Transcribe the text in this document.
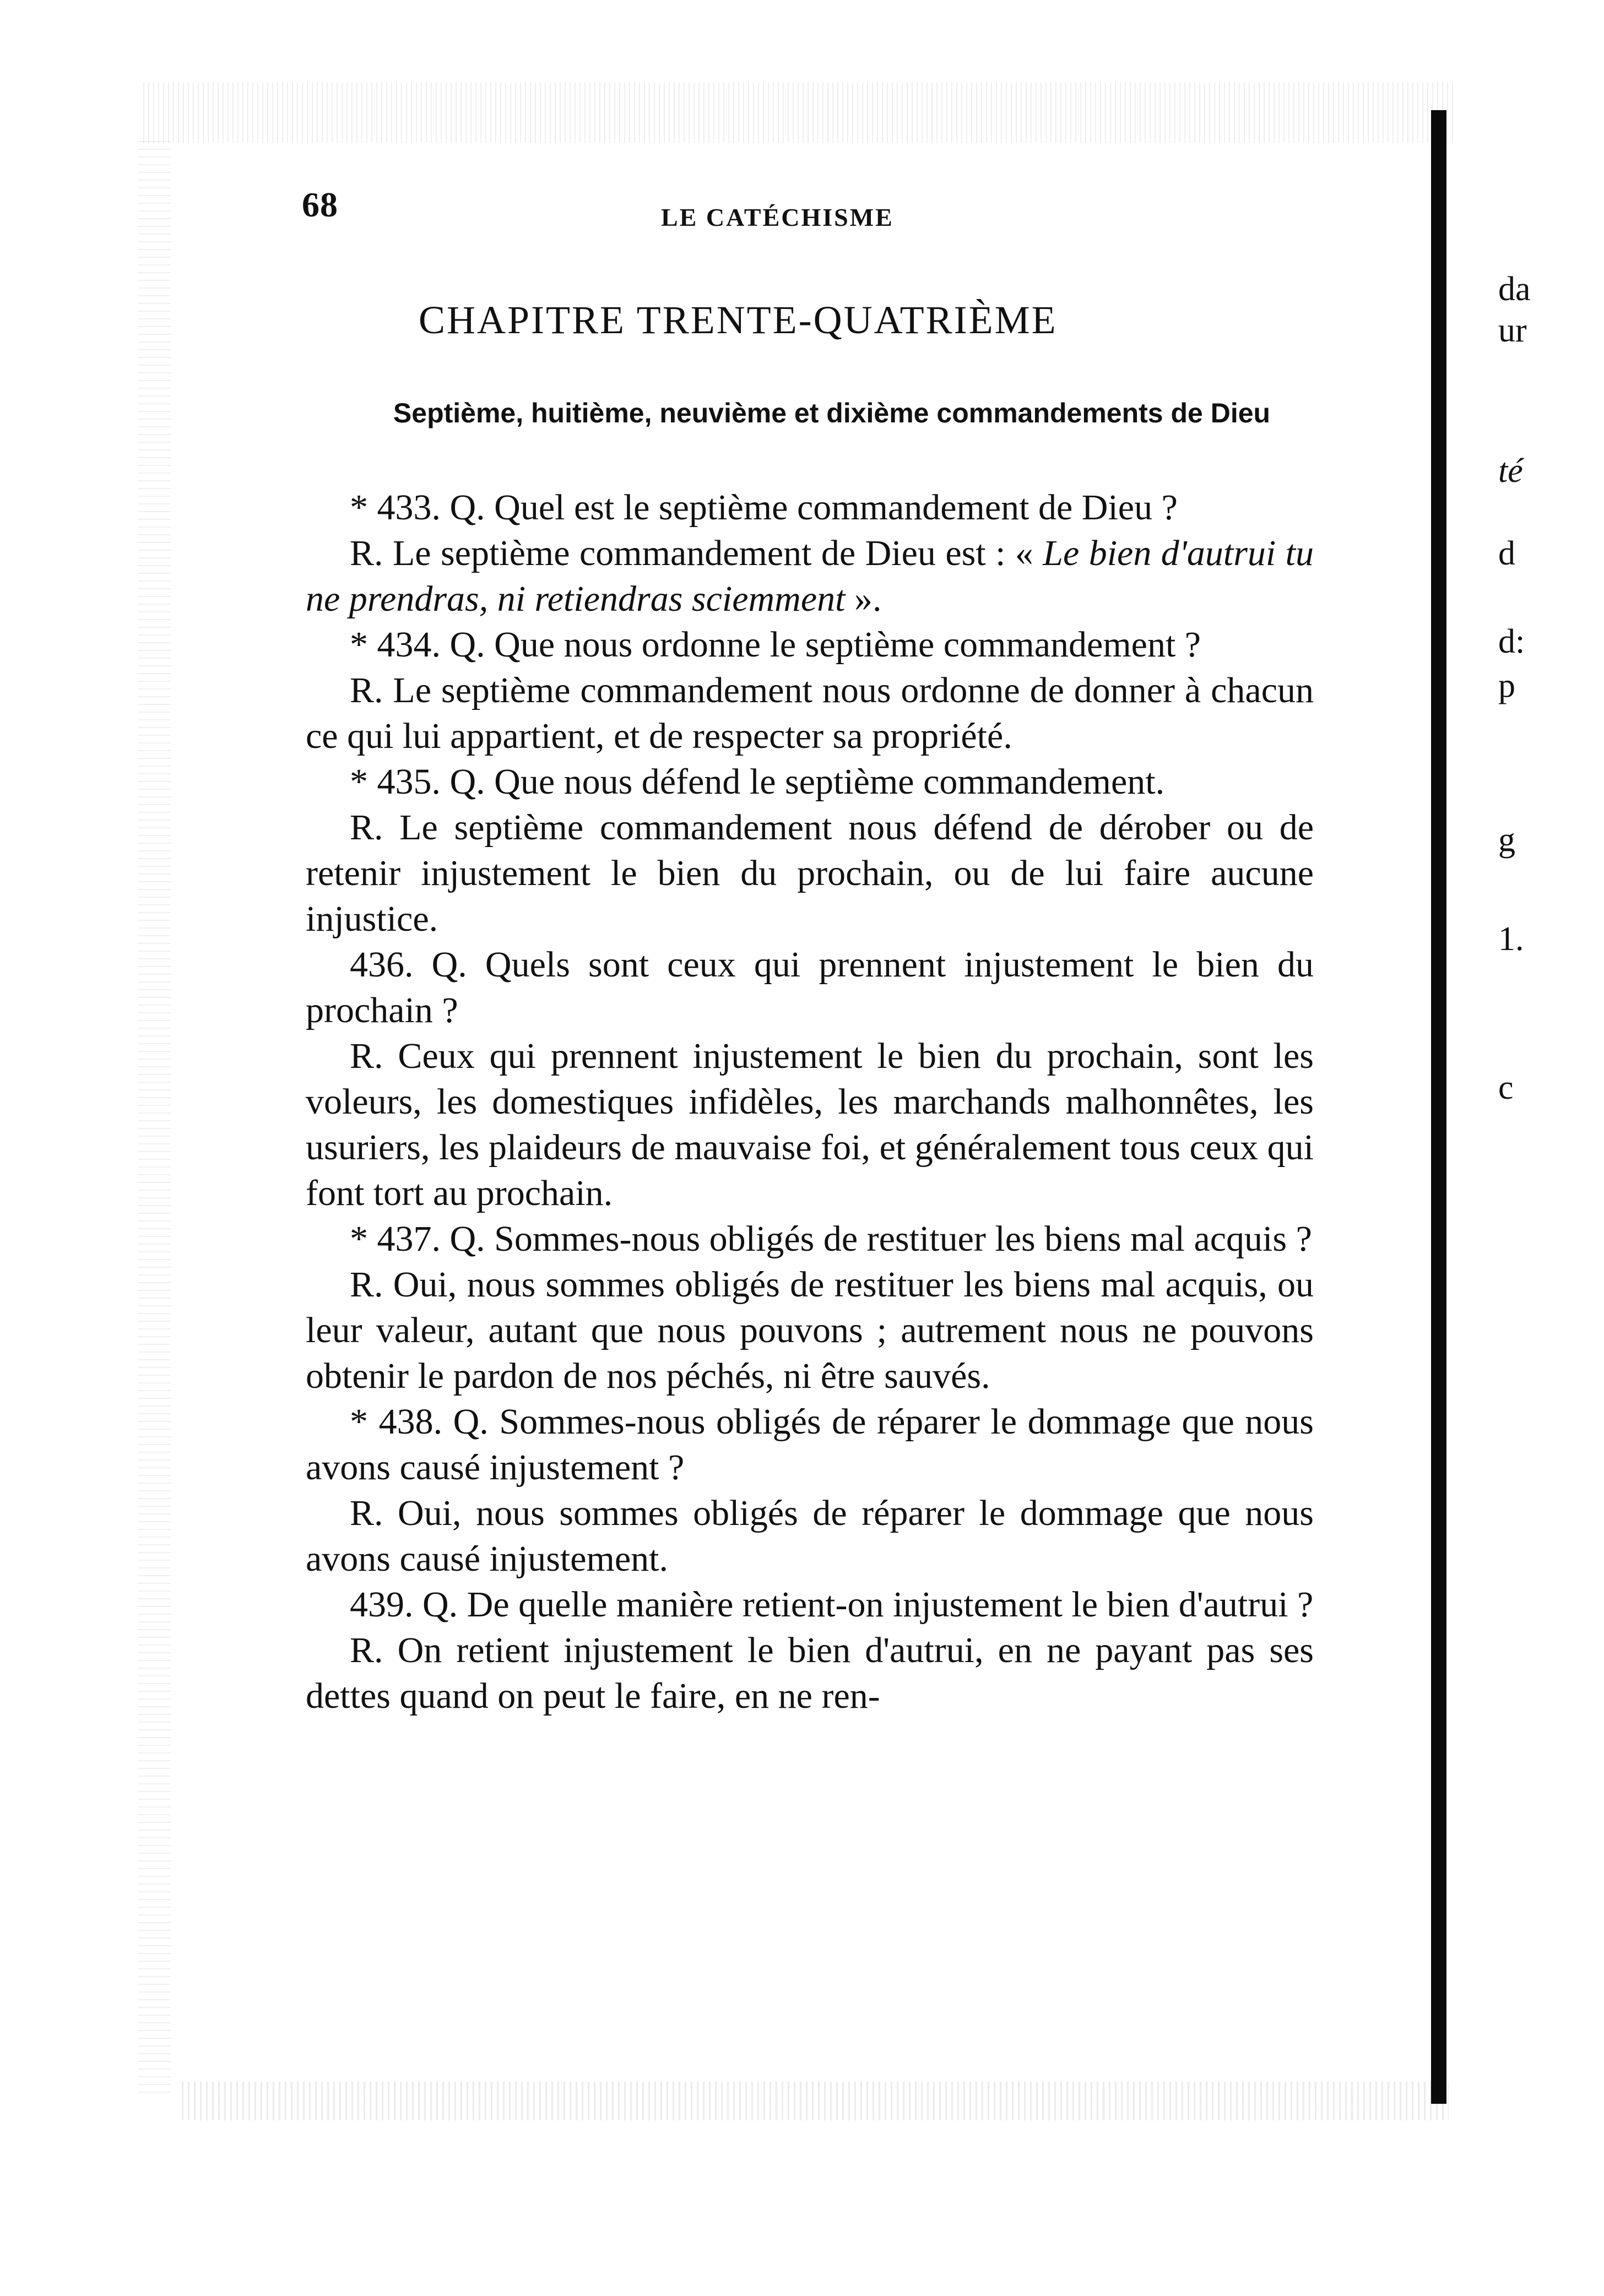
68	LE CATÉCHISME
CHAPITRE TRENTE-QUATRIÈME
Septième, huitième, neuvième et dixième commandements de Dieu

* 433. Q. Quel est le septième commandement de Dieu ?

R. Le septième commandement de Dieu est : « Le bien d'autrui tu ne prendras, ni retiendras sciemment ».

* 434. Q. Que nous ordonne le septième commandement ?

R. Le septième commandement nous ordonne de donner à chacun ce qui lui appartient, et de respecter sa propriété.

* 435. Q. Que nous défend le septième commandement.

R. Le septième commandement nous défend de dérober ou de retenir injustement le bien du prochain, ou de lui faire aucune injustice.

436. Q. Quels sont ceux qui prennent injustement le bien du prochain ?

R. Ceux qui prennent injustement le bien du prochain, sont les voleurs, les domestiques infidèles, les marchands malhonnêtes, les usuriers, les plaideurs de mauvaise foi, et généralement tous ceux qui font tort au prochain.

* 437. Q. Sommes-nous obligés de restituer les biens mal acquis ?

R. Oui, nous sommes obligés de restituer les biens mal acquis, ou leur valeur, autant que nous pouvons ; autrement nous ne pouvons obtenir le pardon de nos péchés, ni être sauvés.

* 438. Q. Sommes-nous obligés de réparer le dommage que nous avons causé injustement ?

R. Oui, nous sommes obligés de réparer le dommage que nous avons causé injustement.

439. Q. De quelle manière retient-on injustement le bien d'autrui ?

R. On retient injustement le bien d'autrui, en ne payant pas ses dettes quand on peut le faire, en ne ren-

da
ur
té
d
d:
p
g
1.
c
